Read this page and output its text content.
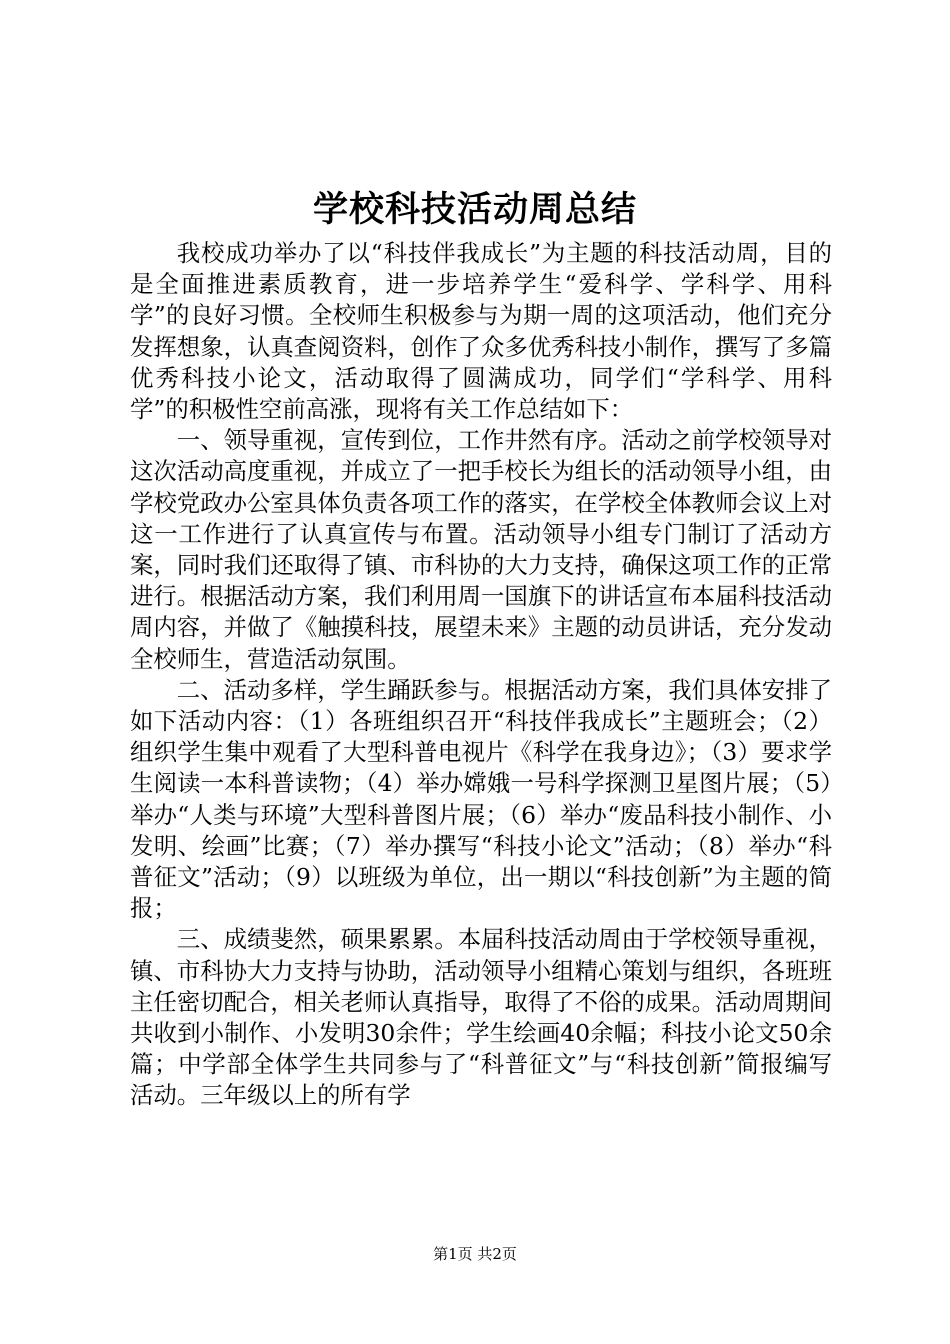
学校科技活动周总结

我校成功举办了以“科技伴我成长”为主题的科技活动周，目的是全面推进素质教育，进一步培养学生“爱科学、学科学、用科学”的良好习惯。全校师生积极参与为期一周的这项活动，他们充分发挥想象，认真查阅资料，创作了众多优秀科技小制作，撰写了多篇优秀科技小论文，活动取得了圆满成功，同学们“学科学、用科学”的积极性空前高涨，现将有关工作总结如下：

一、领导重视，宣传到位，工作井然有序。活动之前学校领导对这次活动高度重视，并成立了一把手校长为组长的活动领导小组，由学校党政办公室具体负责各项工作的落实，在学校全体教师会议上对这一工作进行了认真宣传与布置。活动领导小组专门制订了活动方案，同时我们还取得了镇、市科协的大力支持，确保这项工作的正常进行。根据活动方案，我们利用周一国旗下的讲话宣布本届科技活动周内容，并做了《触摸科技，展望未来》主题的动员讲话，充分发动全校师生，营造活动氛围。

二、活动多样，学生踊跃参与。根据活动方案，我们具体安排了如下活动内容：（1）各班组织召开“科技伴我成长”主题班会；（2）组织学生集中观看了大型科普电视片《科学在我身边》；（3）要求学生阅读一本科普读物；（4）举办嫦娥一号科学探测卫星图片展；（5）举办“人类与环境”大型科普图片展；（6）举办“废品科技小制作、小发明、绘画”比赛；（7）举办撰写“科技小论文”活动；（8）举办“科普征文”活动；（9）以班级为单位，出一期以“科技创新”为主题的简报；

三、成绩斐然，硕果累累。本届科技活动周由于学校领导重视，镇、市科协大力支持与协助，活动领导小组精心策划与组织，各班班主任密切配合，相关老师认真指导，取得了不俗的成果。活动周期间共收到小制作、小发明30余件；学生绘画40余幅；科技小论文50余篇；中学部全体学生共同参与了“科普征文”与“科技创新”简报编写活动。三年级以上的所有学

第1页 共2页
